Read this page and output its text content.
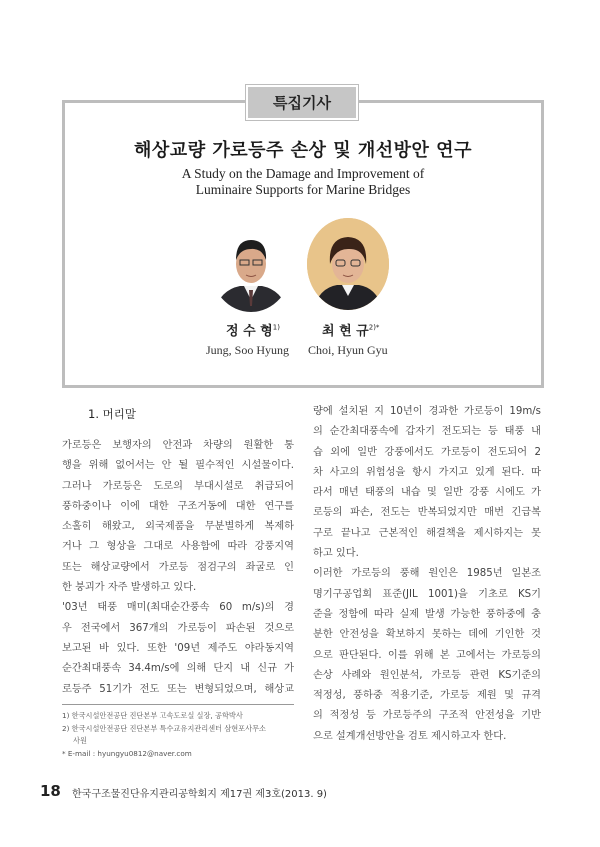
특집기사
해상교량 가로등주 손상 및 개선방안 연구
A Study on the Damage and Improvement of
Luminaire Supports for Marine Bridges
정 수 형$^{1)}$	최 현 규$^{2)*}$
Jung, Soo Hyung Choi, Hyun Gyu
1. 머리말
가로등은 보행자의 안전과 차량의 원활한 통
행을 위해 없어서는 안 될 필수적인 시설물이다.
그러나 가로등은 도로의 부대시설로 취급되어
풍하중이나 이에 대한 구조거동에 대한 연구를
소홀히 해왔고, 외국제품을 무분별하게 복제하
거나 그 형상을 그대로 사용함에 따라 강풍지역
또는 해상교량에서 가로등 점검구의 좌굴로 인
한 붕괴가 자주 발생하고 있다.
'03년 태풍 매미(최대순간풍속 60 m/s)의 경
우 전국에서 367개의 가로등이 파손된 것으로
보고된 바 있다. 또한 '09년 제주도 야라동지역
순간최대풍속 34.4m/s에 의해 단지 내 신규 가
로등주 51기가 전도 또는 변형되었으며, 해상교
량에 설치된 지 10년이 경과한 가로등이 19m/s
의 순간최대풍속에 갑자기 전도되는 등 태풍 내
습 외에 일반 강풍에서도 가로등이 전도되어 2
차 사고의 위험성을 항시 가지고 있게 된다. 따
라서 매년 태풍의 내습 및 일반 강풍 시에도 가
로등의 파손, 전도는 반복되었지만 매번 긴급복
구로 끝나고 근본적인 해결책을 제시하지는 못
하고 있다.
이러한 가로등의 풍해 원인은 1985년 일본조
명기구공업회 표준(JIL 1001)을 기초로 KS기
준을 정함에 따라 실제 발생 가능한 풍하중에 충
분한 안전성을 확보하지 못하는 데에 기인한 것
으로 판단된다. 이를 위해 본 고에서는 가로등의
손상 사례와 원인분석, 가로등 관련 KS기준의
적정성, 풍하중 적용기준, 가로등 제원 및 규격
의 적정성 등 가로등주의 구조적 안전성을 기반
으로 설계개선방안을 검토 제시하고자 한다.
1) 한국시설안전공단 진단본부 고속도로실 실장, 공학박사
2) 한국시설안전공단 진단본부 특수교유지관리센터 삼현포사무소
사원
* E-mail : hyungyu0812@naver.com
18 한국구조물진단유지관리공학회지 제17권 제3호(2013. 9)
